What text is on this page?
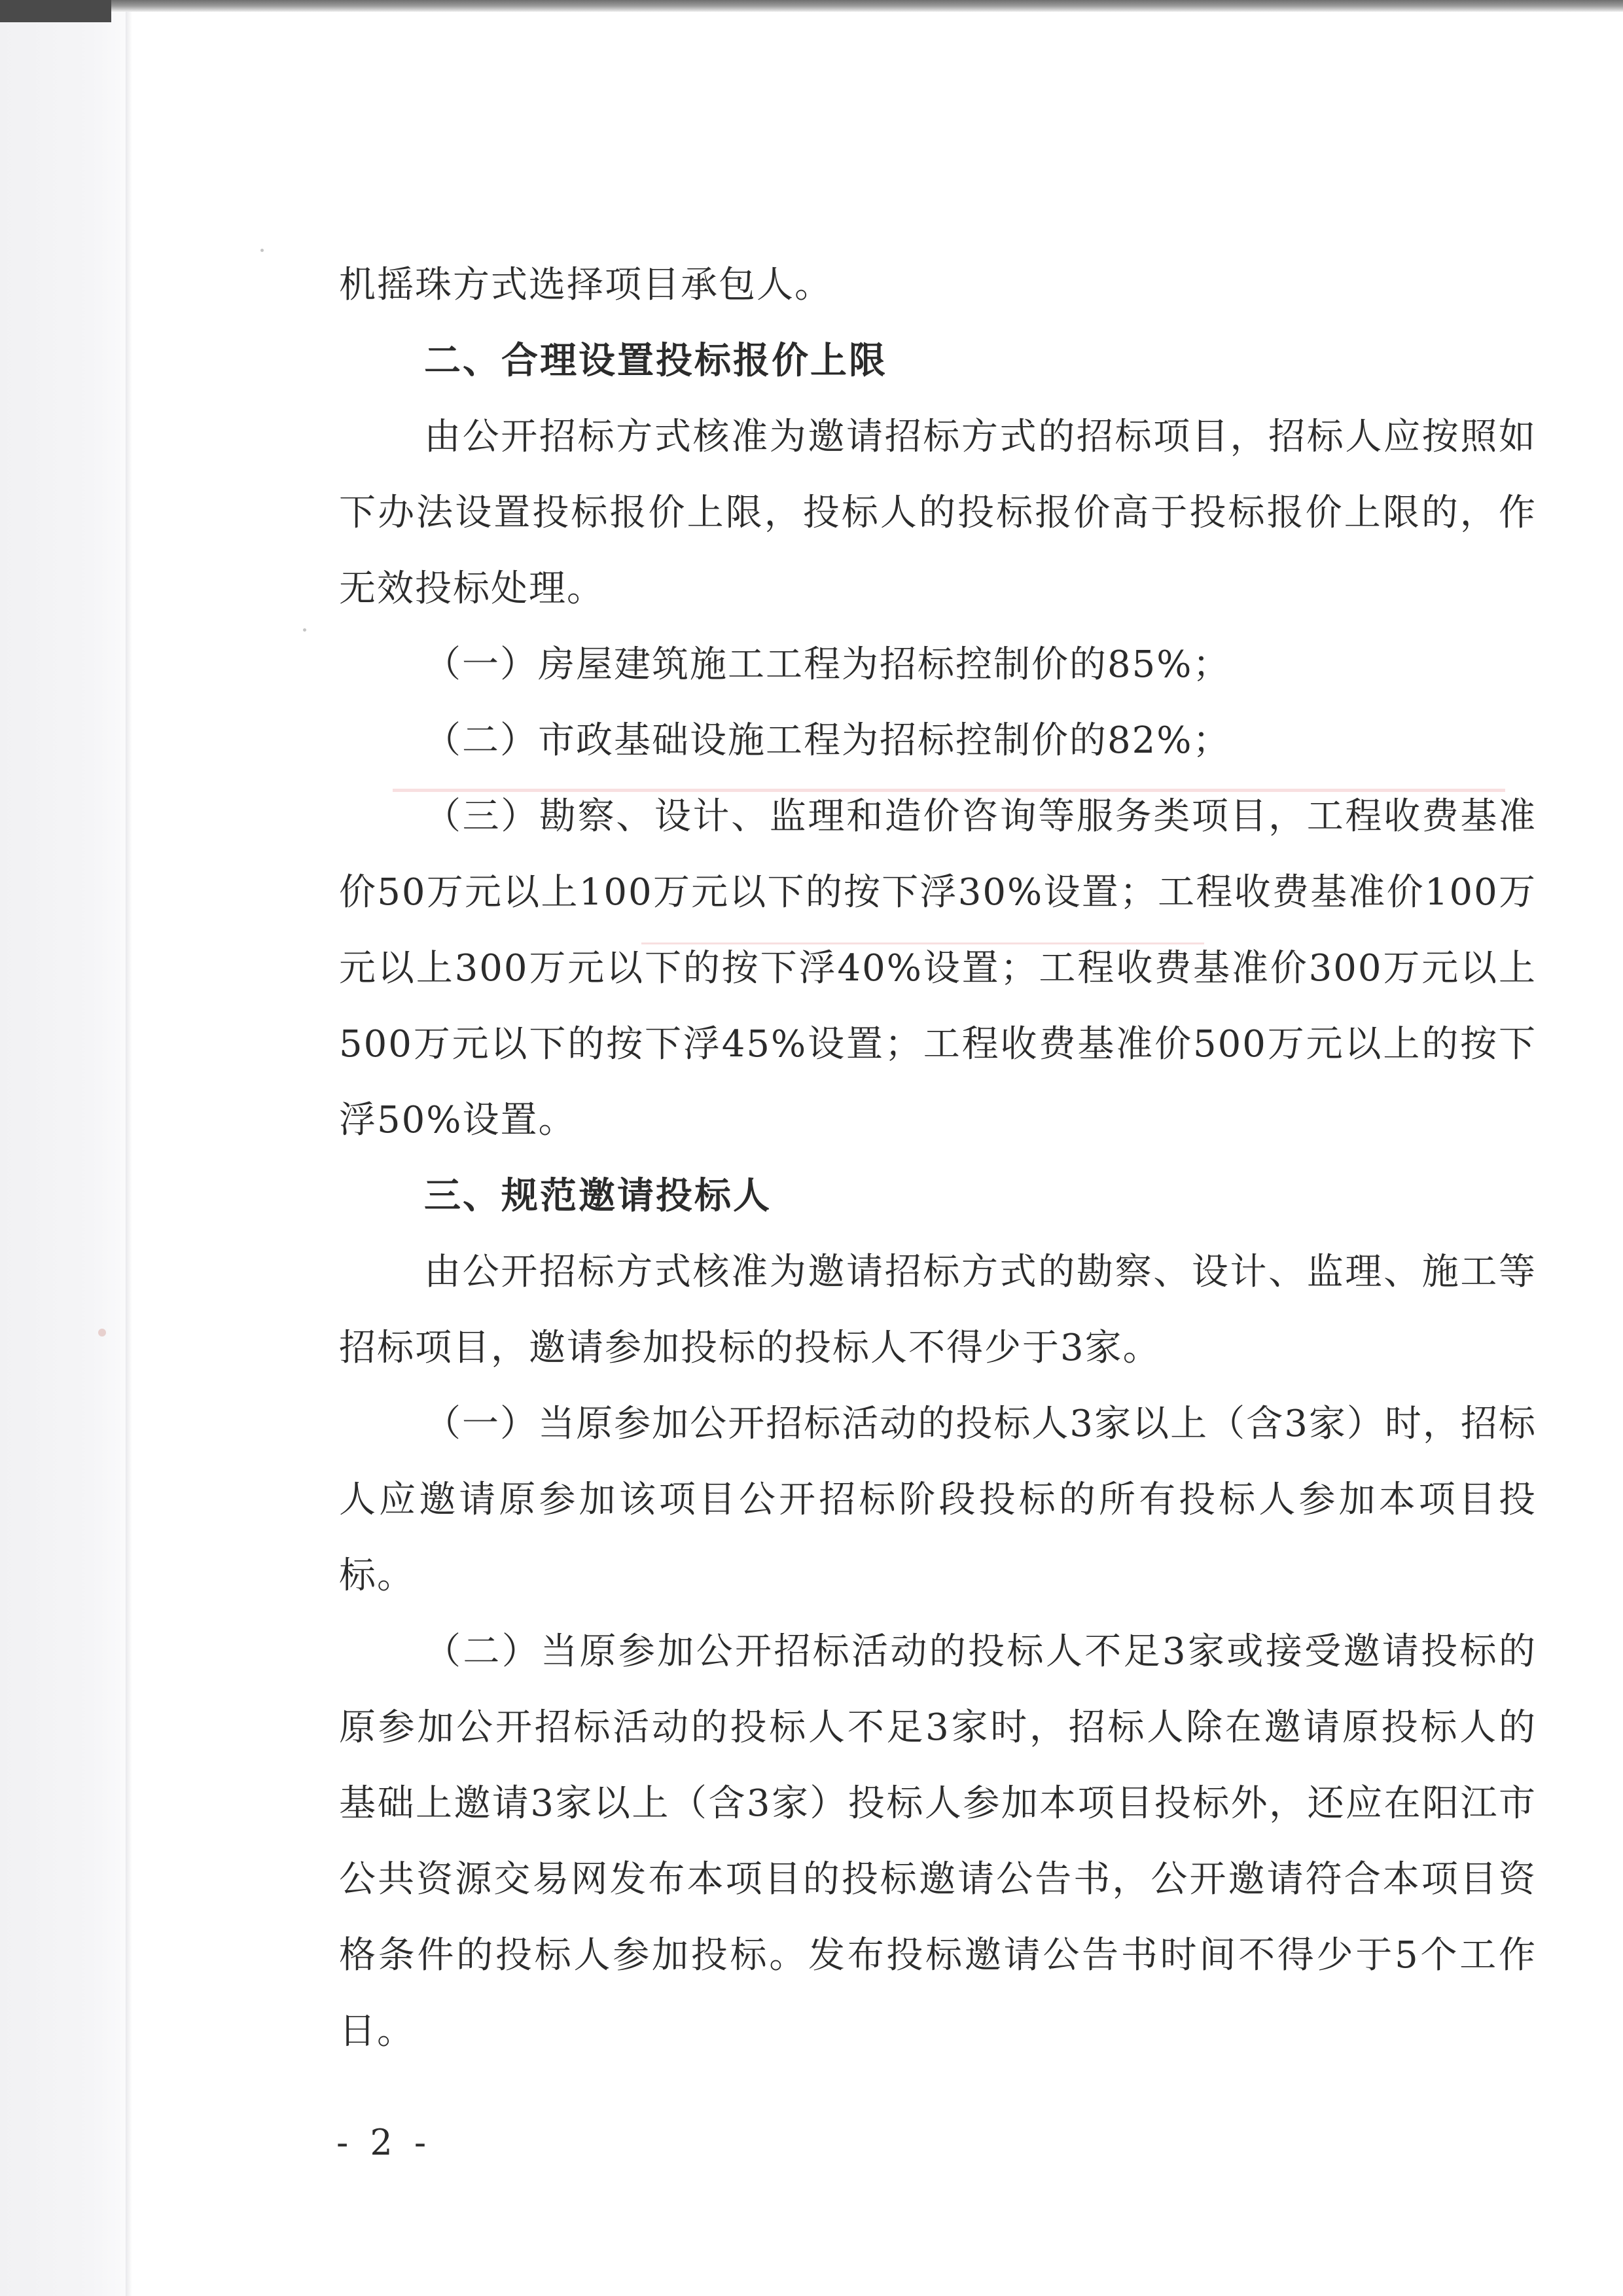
机摇珠方式选择项目承包人。

二、合理设置投标报价上限

由公开招标方式核准为邀请招标方式的招标项目，招标人应按照如下办法设置投标报价上限，投标人的投标报价高于投标报价上限的，作无效投标处理。

（一）房屋建筑施工工程为招标控制价的85%；

（二）市政基础设施工程为招标控制价的82%；

（三）勘察、设计、监理和造价咨询等服务类项目，工程收费基准价50万元以上100万元以下的按下浮30%设置；工程收费基准价100万元以上300万元以下的按下浮40%设置；工程收费基准价300万元以上500万元以下的按下浮45%设置；工程收费基准价500万元以上的按下浮50%设置。

三、规范邀请投标人

由公开招标方式核准为邀请招标方式的勘察、设计、监理、施工等招标项目，邀请参加投标的投标人不得少于3家。

（一）当原参加公开招标活动的投标人3家以上（含3家）时，招标人应邀请原参加该项目公开招标阶段投标的所有投标人参加本项目投标。

（二）当原参加公开招标活动的投标人不足3家或接受邀请投标的原参加公开招标活动的投标人不足3家时，招标人除在邀请原投标人的基础上邀请3家以上（含3家）投标人参加本项目投标外，还应在阳江市公共资源交易网发布本项目的投标邀请公告书，公开邀请符合本项目资格条件的投标人参加投标。发布投标邀请公告书时间不得少于5个工作日。

- 2 -
